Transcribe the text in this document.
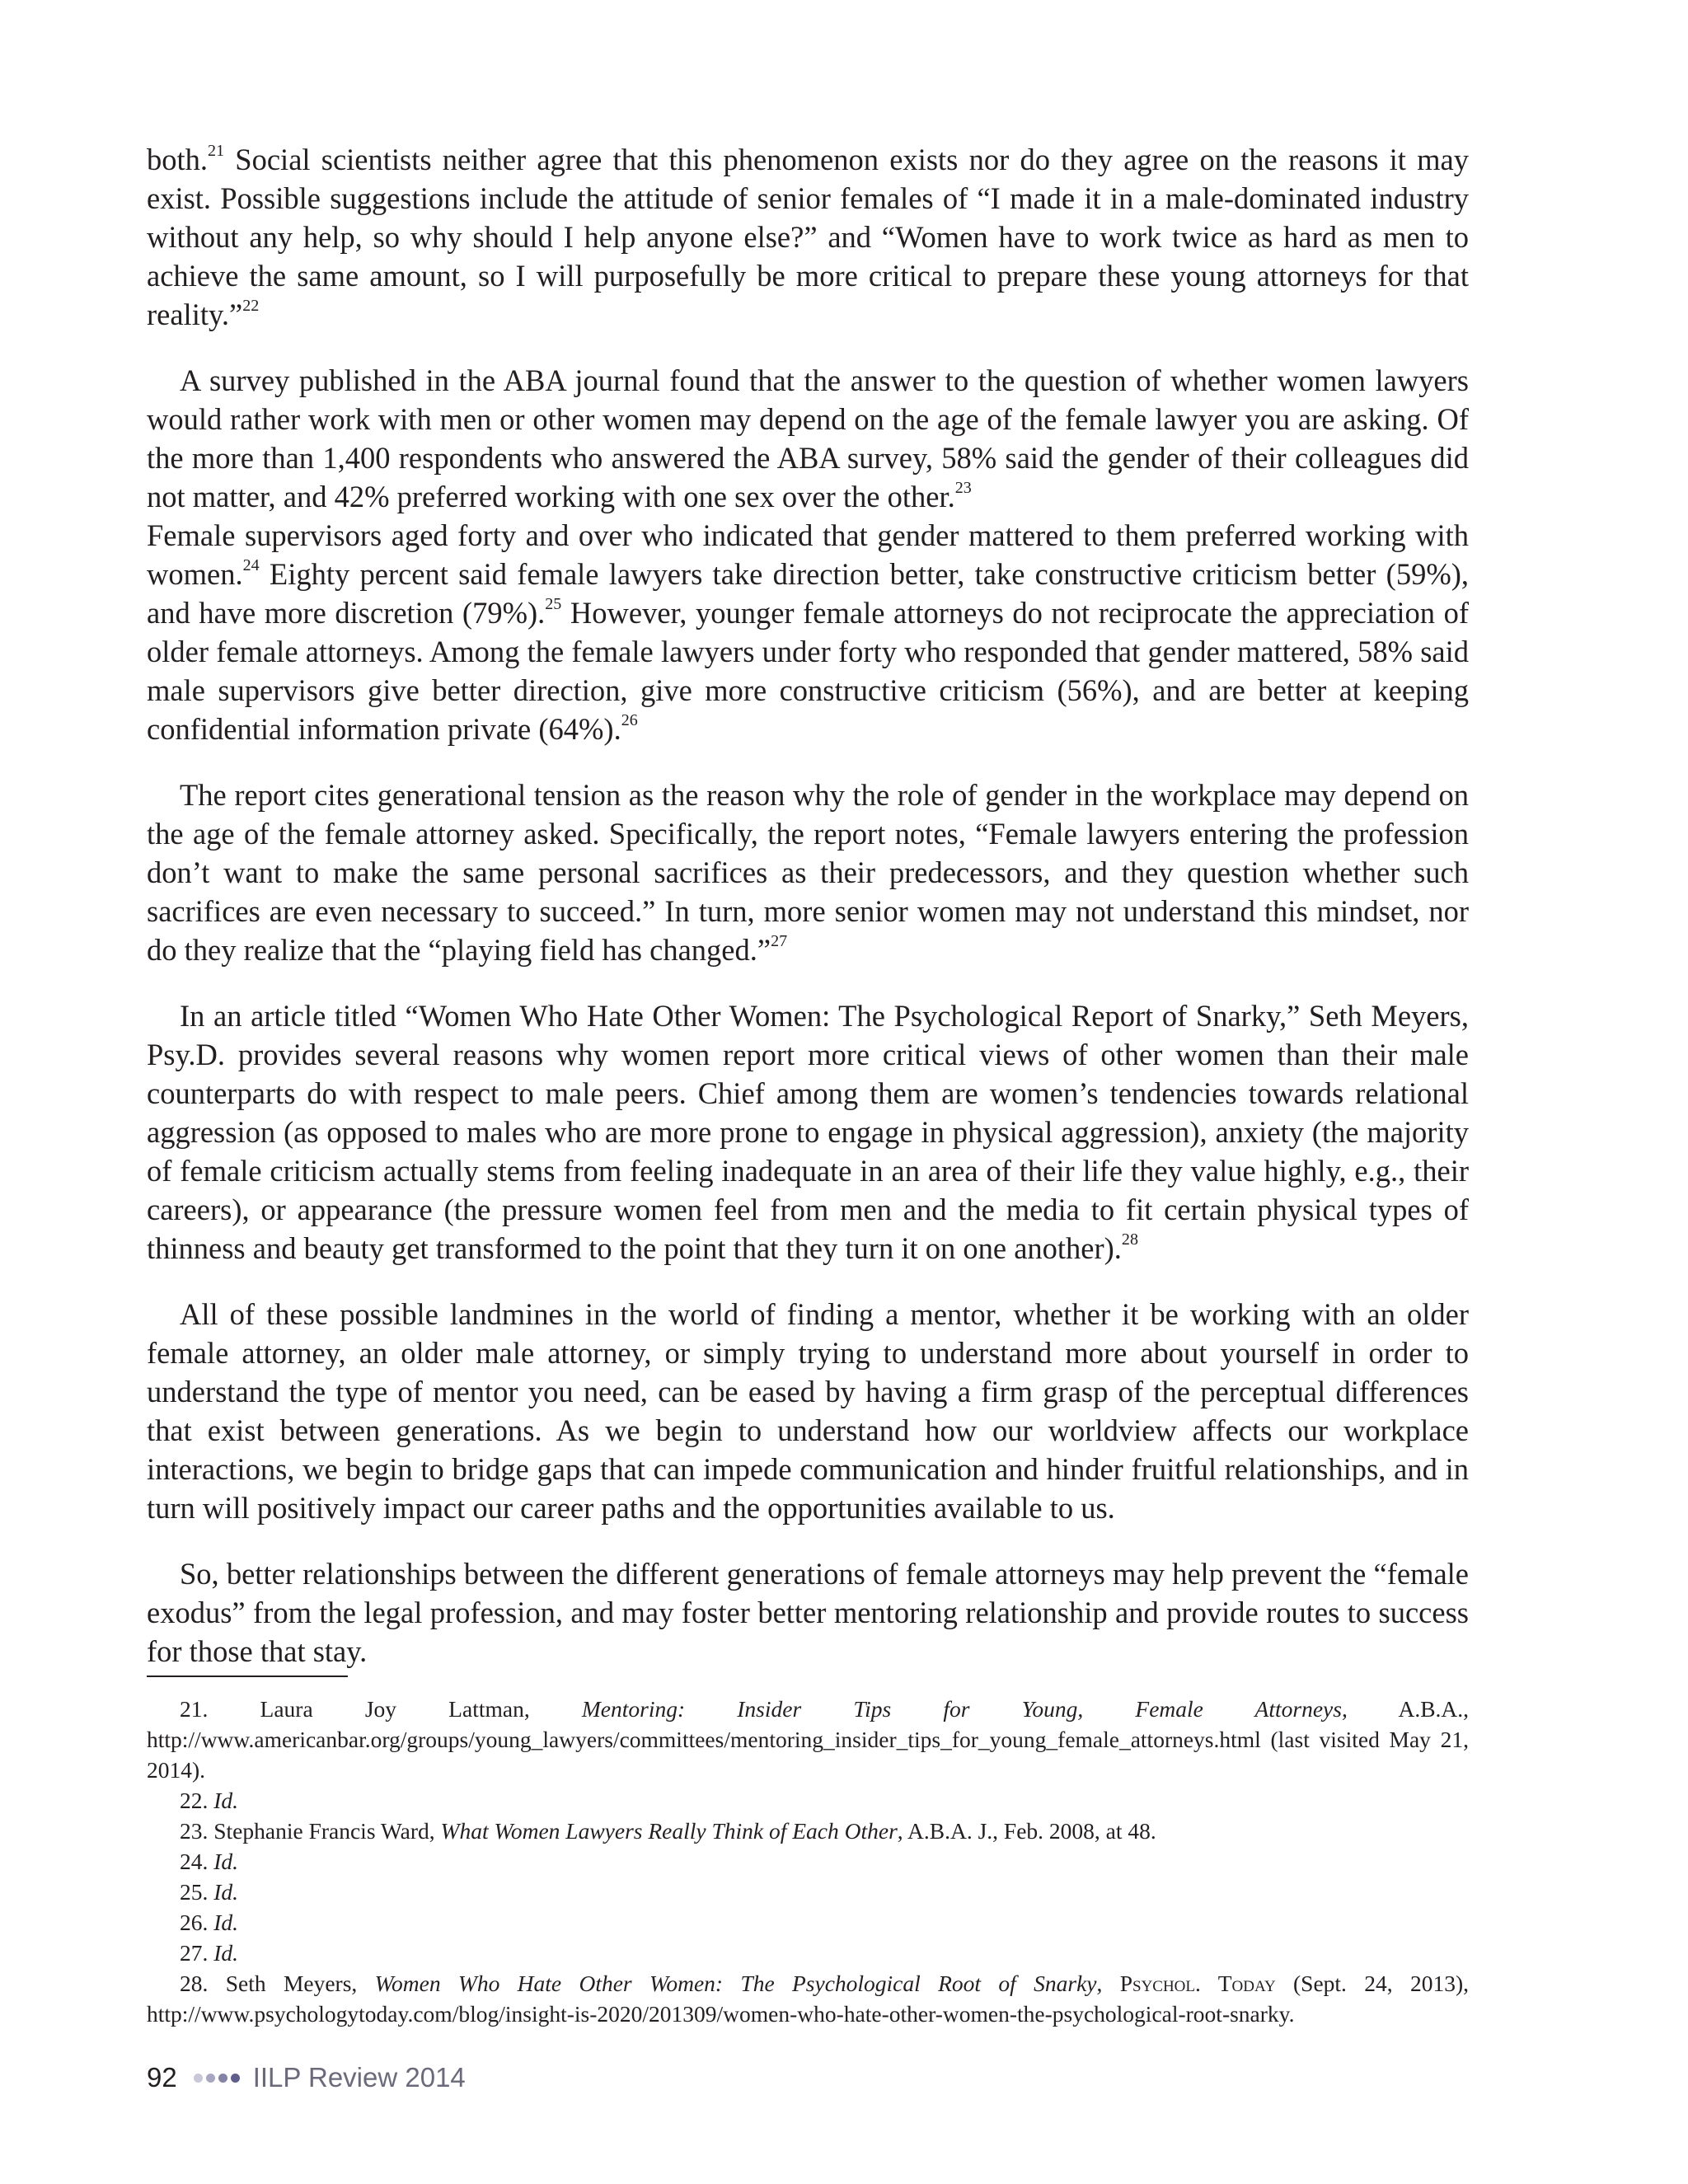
both.$^{21}$ Social scientists neither agree that this phenomenon exists nor do they agree on the reasons it may exist. Possible suggestions include the attitude of senior females of “I made it in a male-dominated industry without any help, so why should I help anyone else?” and “Women have to work twice as hard as men to achieve the same amount, so I will purposefully be more critical to prepare these young attorneys for that reality.”$^{22}$

A survey published in the ABA journal found that the answer to the question of whether women lawyers would rather work with men or other women may depend on the age of the female lawyer you are asking. Of the more than 1,400 respondents who answered the ABA survey, 58% said the gender of their colleagues did not matter, and 42% preferred working with one sex over the other.$^{23}$
Female supervisors aged forty and over who indicated that gender mattered to them preferred working with women.$^{24}$ Eighty percent said female lawyers take direction better, take constructive criticism better (59%), and have more discretion (79%).$^{25}$ However, younger female attorneys do not reciprocate the appreciation of older female attorneys. Among the female lawyers under forty who responded that gender mattered, 58% said male supervisors give better direction, give more constructive criticism (56%), and are better at keeping confidential information private (64%).$^{26}$

The report cites generational tension as the reason why the role of gender in the workplace may depend on the age of the female attorney asked. Specifically, the report notes, “Female lawyers entering the profession don’t want to make the same personal sacrifices as their predecessors, and they question whether such sacrifices are even necessary to succeed.” In turn, more senior women may not understand this mindset, nor do they realize that the “playing field has changed.”$^{27}$

In an article titled “Women Who Hate Other Women: The Psychological Report of Snarky,” Seth Meyers, Psy.D. provides several reasons why women report more critical views of other women than their male counterparts do with respect to male peers. Chief among them are women’s tendencies towards relational aggression (as opposed to males who are more prone to engage in physical aggression), anxiety (the majority of female criticism actually stems from feeling inadequate in an area of their life they value highly, e.g., their careers), or appearance (the pressure women feel from men and the media to fit certain physical types of thinness and beauty get transformed to the point that they turn it on one another).$^{28}$

All of these possible landmines in the world of finding a mentor, whether it be working with an older female attorney, an older male attorney, or simply trying to understand more about yourself in order to understand the type of mentor you need, can be eased by having a firm grasp of the perceptual differences that exist between generations. As we begin to understand how our worldview affects our workplace interactions, we begin to bridge gaps that can impede communication and hinder fruitful relationships, and in turn will positively impact our career paths and the opportunities available to us.

So, better relationships between the different generations of female attorneys may help prevent the “female exodus” from the legal profession, and may foster better mentoring relationship and provide routes to success for those that stay.

21. Laura Joy Lattman, Mentoring: Insider Tips for Young, Female Attorneys, A.B.A., http://www.americanbar.org/groups/young_lawyers/committees/mentoring_insider_tips_for_young_female_attorneys.html (last visited May 21, 2014).

22. Id.

23. Stephanie Francis Ward, What Women Lawyers Really Think of Each Other, A.B.A. J., Feb. 2008, at 48.

24. Id.

25. Id.

26. Id.

27. Id.

28. Seth Meyers, Women Who Hate Other Women: The Psychological Root of Snarky, Psychol. Today (Sept. 24, 2013), http://www.psychologytoday.com/blog/insight-is-2020/201309/women-who-hate-other-women-the-psychological-root-snarky.

92	IILP Review 2014
